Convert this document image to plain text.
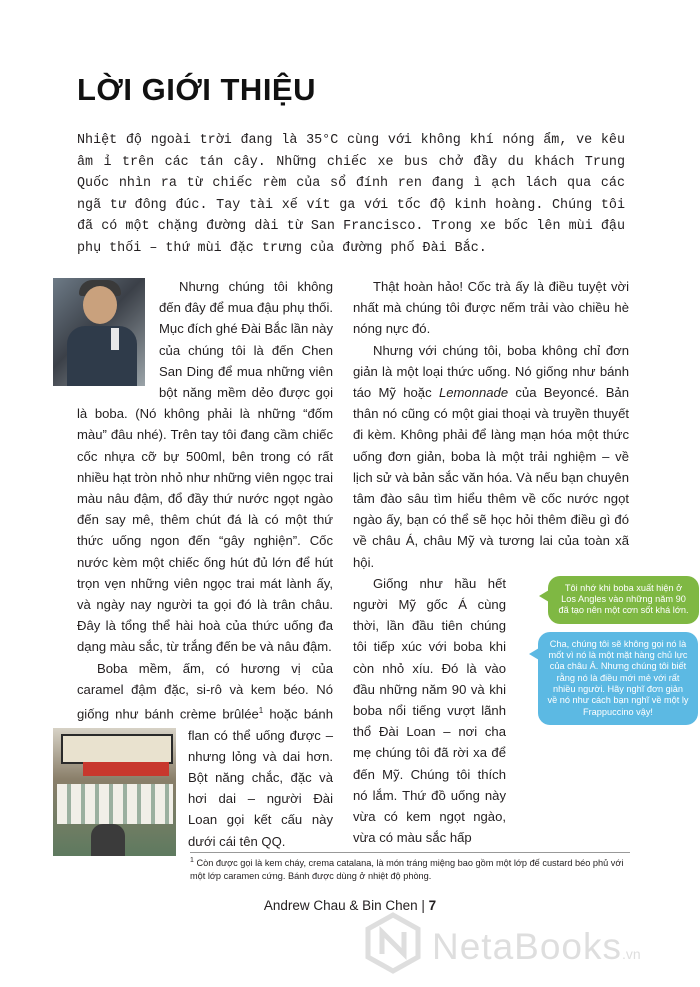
LỜI GIỚI THIỆU

Nhiệt độ ngoài trời đang là 35°C cùng với không khí nóng ẩm, ve kêu âm ỉ trên các tán cây. Những chiếc xe bus chở đầy du khách Trung Quốc nhìn ra từ chiếc rèm của sổ đính ren đang ì ạch lách qua các ngã tư đông đúc. Tay tài xế vít ga với tốc độ kinh hoàng. Chúng tôi đã có một chặng đường dài từ San Francisco. Trong xe bốc lên mùi đậu phụ thối – thứ mùi đặc trưng của đường phố Đài Bắc.

Nhưng chúng tôi không đến đây để mua đậu phụ thối. Mục đích ghé Đài Bắc lần này của chúng tôi là đến Chen San Ding để mua những viên bột năng mềm dẻo được gọi là boba. (Nó không phải là những “đốm màu” đâu nhé). Trên tay tôi đang cầm chiếc cốc nhựa cỡ bự 500ml, bên trong có rất nhiều hạt tròn nhỏ như những viên ngọc trai màu nâu đậm, đổ đầy thứ nước ngọt ngào đến say mê, thêm chút đá là có một thứ thức uống ngon đến “gây nghiện”. Cốc nước kèm một chiếc ống hút đủ lớn để hút trọn vẹn những viên ngọc trai mát lành ấy, và ngày nay người ta gọi đó là trân châu. Đây là tổng thể hài hoà của thức uống đa dạng màu sắc, từ trắng đến be và nâu đậm.

Boba mềm, ấm, có hương vị của caramel đậm đặc, si-rô và kem béo. Nó giống như bánh crème brûlée$^1$
hoặc bánh flan có thể uống được – nhưng lỏng và dai hơn. Bột năng chắc, đặc và hơi dai – người Đài Loan gọi kết cấu này dưới cái tên QQ.

Thật hoàn hảo! Cốc trà ấy là điều tuyệt vời nhất mà chúng tôi được nếm trải vào chiều hè nóng nực đó.

Nhưng với chúng tôi, boba không chỉ đơn giản là một loại thức uống. Nó giống như bánh táo Mỹ hoặc Lemonnade của Beyoncé. Bản thân nó cũng có một giai thoại và truyền thuyết đi kèm. Không phải để làng mạn hóa một thức uống đơn giản, boba là một trải nghiệm – về lịch sử và bản sắc văn hóa. Và nếu bạn chuyên tâm đào sâu tìm hiểu thêm về cốc nước ngọt ngào ấy, bạn có thể sẽ học hỏi thêm điều gì đó về châu Á, châu Mỹ và tương lai của toàn xã hội.

Tôi nhớ khi boba xuất hiện ở Los Angles vào những năm 90 đã tạo nên một cơn sốt khá lớn.
Cha, chúng tôi sẽ không gọi nó là mốt vì nó là một mặt hàng chủ lực của châu Á. Nhưng chúng tôi biết rằng nó là điều mới mẻ với rất nhiều người. Hãy nghĩ đơn giản về nó như cách bạn nghĩ về một ly Frappuccino vậy!
Giống như hầu hết người Mỹ gốc Á cùng thời, lần đầu tiên chúng tôi tiếp xúc với boba khi còn nhỏ xíu. Đó là vào đầu những năm 90 và khi boba nổi tiếng vượt lãnh thổ Đài Loan – nơi cha mẹ chúng tôi đã rời xa để đến Mỹ. Chúng tôi thích nó lắm. Thứ đồ uống này vừa có kem ngọt ngào, vừa có màu sắc hấp

$^1$ Còn được gọi là kem cháy, crema catalana, là món tráng miệng bao gồm một lớp đế custard béo phủ với một lớp caramen cứng. Bánh được dùng ở nhiệt độ phòng.

Andrew Chau & Bin Chen | 7
NetaBooks.vn
